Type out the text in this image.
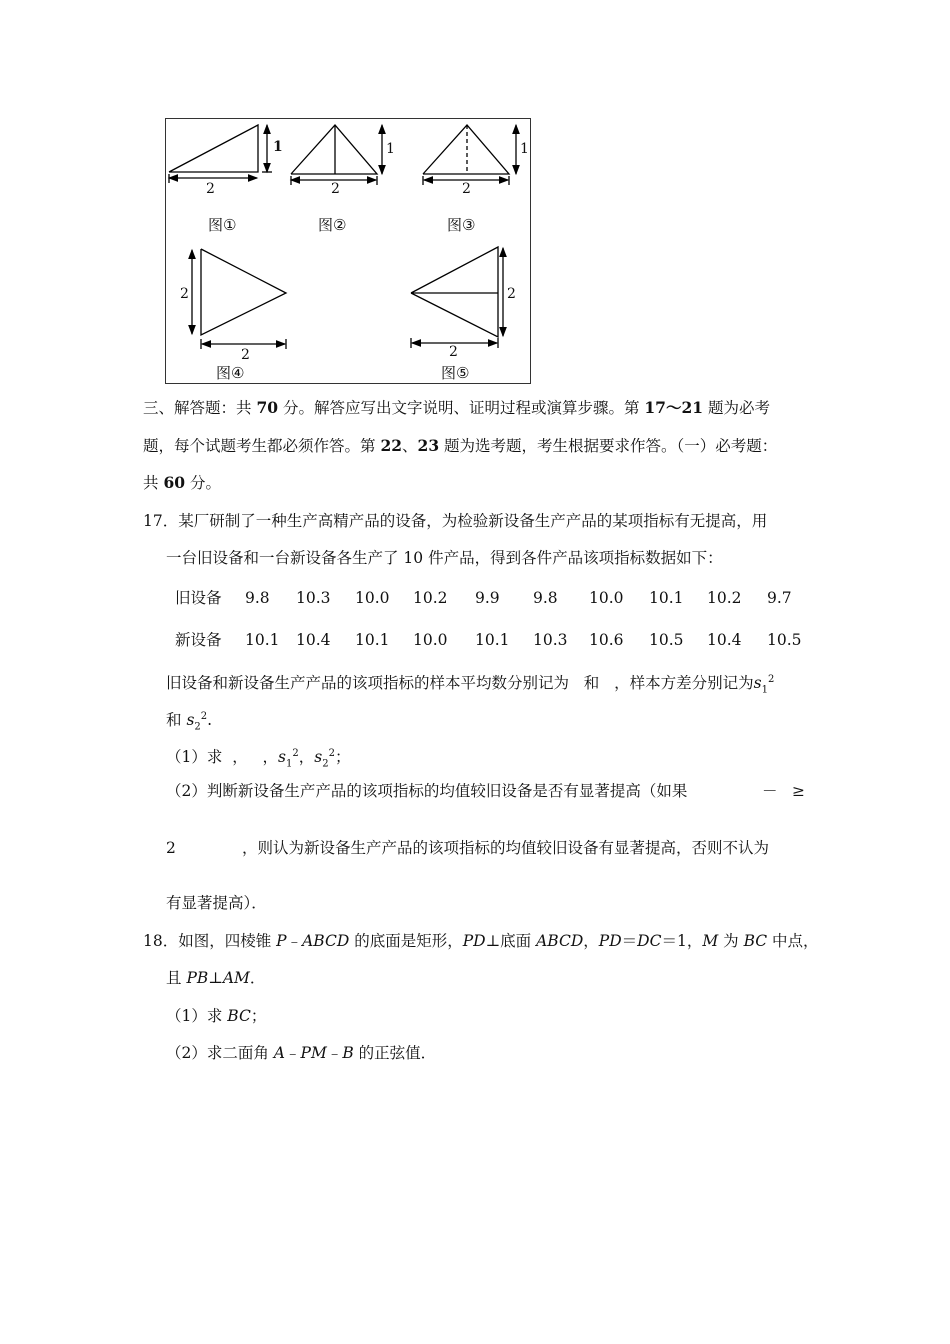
1
2
1
2
1
2
2
2
2
2
图①	图②	图③
图④	图⑤
三、解答题：共 70 分。解答应写出文字说明、证明过程或演算步骤。第 17～21 题为必考
题，每个试题考生都必须作答。第 22、23 题为选考题，考生根据要求作答。（一）必考题：
共 60 分。
17．某厂研制了一种生产高精产品的设备，为检验新设备生产产品的某项指标有无提高，用
一台旧设备和一台新设备各生产了 10 件产品，得到各件产品该项指标数据如下：
旧设备 9.8 10.3 10.0 10.2 9.9 9.8 10.0 10.1 10.2 9.7
新设备 10.1 10.4 10.1 10.0 10.1 10.3 10.6 10.5 10.4 10.5
旧设备和新设备生产产品的该项指标的样本平均数分别记为 和 ，样本方差分别记为$s_1^2$
和 $s_2^2$.
（1）求 ， ，$s_1^2$，$s_2^2$；
（2）判断新设备生产产品的该项指标的均值较旧设备是否有显著提高（如果	－ ≥
2	，则认为新设备生产产品的该项指标的均值较旧设备有显著提高，否则不认为
有显著提高）．
18．如图，四棱锥 P﹣ABCD 的底面是矩形，PD⊥底面 ABCD，PD＝DC＝1，M 为 BC 中点，
且 PB⊥AM．
（1）求 BC；
（2）求二面角 A﹣PM﹣B 的正弦值．
